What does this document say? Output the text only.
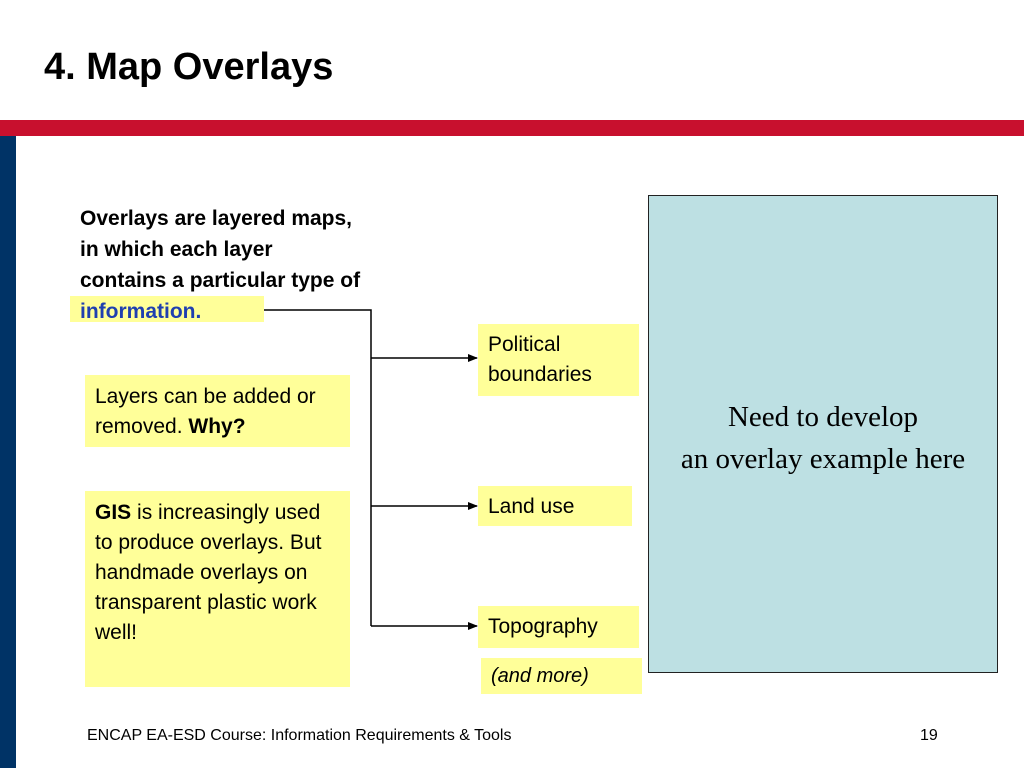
4. Map Overlays
Overlays are layered maps,
in which each layer
contains a particular type of
information.
Layers can be added or removed. Why?
GIS is increasingly used to produce overlays. But handmade overlays on transparent plastic work well!
Political boundaries
Land use
Topography
(and more)
Need to develop
an overlay example here
ENCAP EA-ESD Course: Information Requirements & Tools	19
